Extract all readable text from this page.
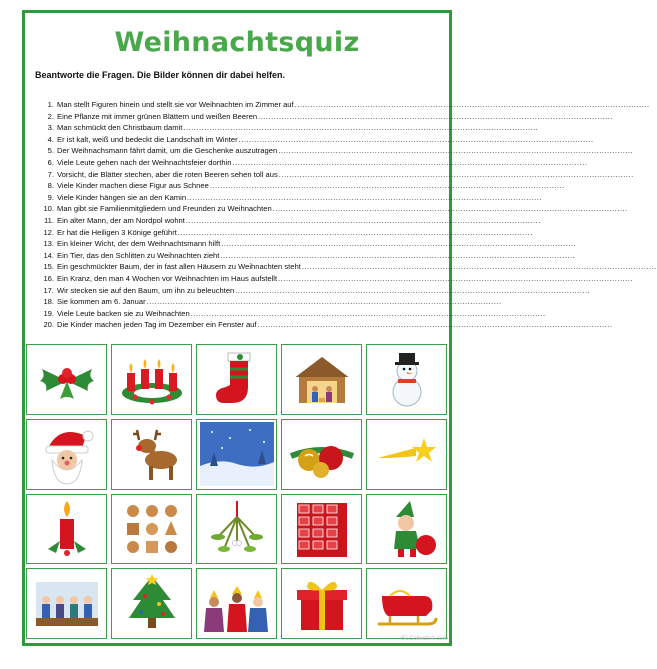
Weihnachtsquiz
Beantworte die Fragen. Die Bilder können dir dabei helfen.
1. Man stellt Figuren hinein und stellt sie vor Weihnachten im Zimmer auf ........................................................................................................................................
2. Eine Pflanze mit immer grünen Blättern und weißen Beeren ........................................................................................................................................
3. Man schmückt den Christbaum damit ........................................................................................................................................
4. Er ist kalt, weiß und bedeckt die Landschaft im Winter ........................................................................................................................................
5. Der Weihnachsmann fährt damit, um die Geschenke auszutragen ........................................................................................................................................
6. Viele Leute gehen nach der Weihnachtsfeier dorthin ........................................................................................................................................
7. Vorsicht, die Blätter stechen, aber die roten Beeren sehen toll aus ........................................................................................................................................
8. Viele Kinder machen diese Figur aus Schnee ........................................................................................................................................
9. Viele Kinder hängen sie an den Kamin ........................................................................................................................................
10. Man gibt sie Familienmitgliedern und Freunden zu Weihnachten ........................................................................................................................................
11. Ein alter Mann, der am Nordpol wohnt ........................................................................................................................................
12. Er hat die Heiligen 3 Könige geführt ........................................................................................................................................
13. Ein kleiner Wicht, der dem Weihnachtsmann hilft ........................................................................................................................................
14. Ein Tier, das den Schlitten zu Weihnachten zieht ........................................................................................................................................
15. Ein geschmückter Baum, der in fast allen Häusern zu Weihnachten steht ........................................................................................................................................
16. Ein Kranz, den man 4 Wochen vor Weihnachten im Haus aufstellt ........................................................................................................................................
17. Wir stecken sie auf den Baum, um ihn zu beleuchten ........................................................................................................................................
18. Sie kommen am 6. Januar ........................................................................................................................................
19. Viele Leute backen sie zu Weihnachten ........................................................................................................................................
20. Die Kinder machen jeden Tag im Dezember ein Fenster auf ........................................................................................................................................
iSLCollective.com
